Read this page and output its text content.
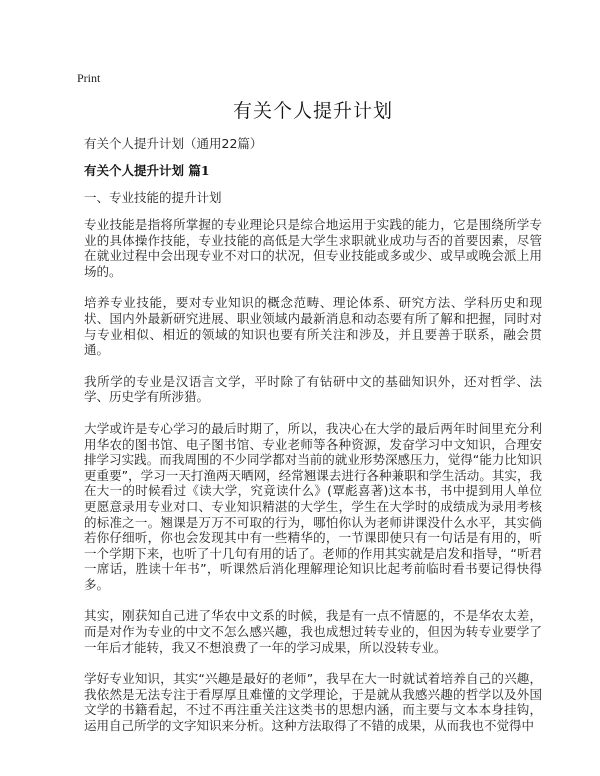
Print

有关个人提升计划

有关个人提升计划（通用22篇）

有关个人提升计划 篇1

一、专业技能的提升计划

专业技能是指将所掌握的专业理论只是综合地运用于实践的能力，它是围绕所学专业的具体操作技能，专业技能的高低是大学生求职就业成功与否的首要因素，尽管在就业过程中会出现专业不对口的状况，但专业技能或多或少、或早或晚会派上用场的。

培养专业技能，要对专业知识的概念范畴、理论体系、研究方法、学科历史和现状、国内外最新研究进展、职业领域内最新消息和动态要有所了解和把握，同时对与专业相似、相近的领域的知识也要有所关注和涉及，并且要善于联系，融会贯通。

我所学的专业是汉语言文学，平时除了有钻研中文的基础知识外，还对哲学、法学、历史学有所涉猎。

大学或许是专心学习的最后时期了，所以，我决心在大学的最后两年时间里充分利用华农的图书馆、电子图书馆、专业老师等各种资源，发奋学习中文知识，合理安排学习实践。而我周围的不少同学都对当前的就业形势深感压力，觉得“能力比知识更重要”，学习一天打渔两天晒网，经常翘课去进行各种兼职和学生活动。其实，我在大一的时候看过《读大学，究竟读什么》(覃彪喜著)这本书，书中提到用人单位更愿意录用专业对口、专业知识精湛的大学生，学生在大学时的成绩成为录用考核的标准之一。翘课是万万不可取的行为，哪怕你认为老师讲课没什么水平，其实倘若你仔细听，你也会发现其中有一些精华的，一节课即使只有一句话是有用的，听一个学期下来，也听了十几句有用的话了。老师的作用其实就是启发和指导，“听君一席话，胜读十年书”，听课然后消化理解理论知识比起考前临时看书要记得快得多。

其实，刚获知自己进了华农中文系的时候，我是有一点不情愿的，不是华农太差，而是对作为专业的中文不怎么感兴趣，我也成想过转专业的，但因为转专业要学了一年后才能转，我又不想浪费了一年的学习成果，所以没转专业。

学好专业知识，其实“兴趣是最好的老师”，我早在大一时就试着培养自己的兴趣，我依然是无法专注于看厚厚且难懂的文学理论，于是就从我感兴趣的哲学以及外国文学的书籍看起，不过不再注重关注这类书的思想内涵，而主要与文本本身挂钩，运用自己所学的文字知识来分析。这种方法取得了不错的成果，从而我也不觉得中
